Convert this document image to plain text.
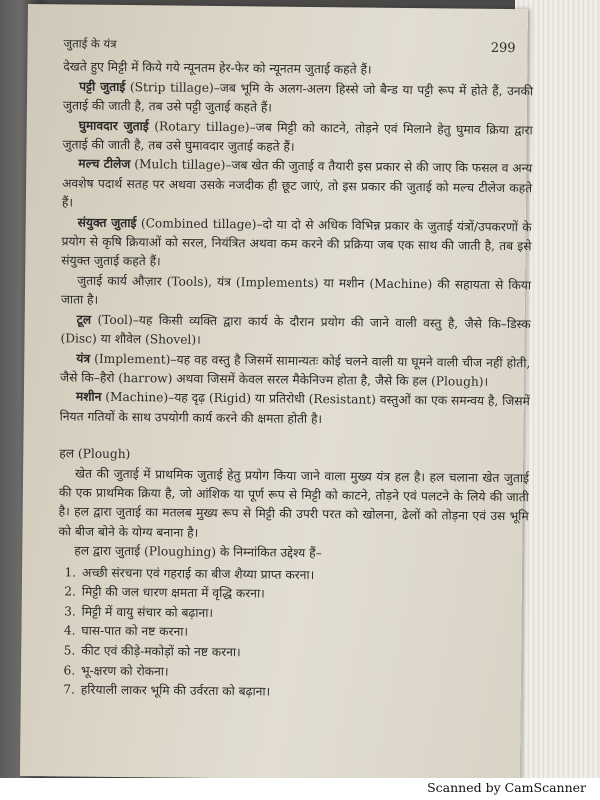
जुताई के यंत्र	299

देखते हुए मिट्टी में किये गये न्यूनतम हेर-फेर को न्यूनतम जुताई कहते हैं।

पट्टी जुताई (Strip tillage)–जब भूमि के अलग-अलग हिस्से जो बैन्ड या पट्टी रूप में होते हैं, उनकी जुताई की जाती है, तब उसे पट्टी जुताई कहते हैं।

घुमावदार जुताई (Rotary tillage)–जब मिट्टी को काटने, तोड़ने एवं मिलाने हेतु घुमाव क्रिया द्वारा जुताई की जाती है, तब उसे घुमावदार जुताई कहते हैं।

मल्च टीलेज (Mulch tillage)–जब खेत की जुताई व तैयारी इस प्रकार से की जाए कि फसल व अन्य अवशेष पदार्थ सतह पर अथवा उसके नजदीक ही छूट जाएं, तो इस प्रकार की जुताई को मल्च टीलेज कहते हैं।

संयुक्त जुताई (Combined tillage)–दो या दो से अधिक विभिन्न प्रकार के जुताई यंत्रों/उपकरणों के प्रयोग से कृषि क्रियाओं को सरल, नियंत्रित अथवा कम करने की प्रक्रिया जब एक साथ की जाती है, तब इसे संयुक्त जुताई कहते हैं।

जुताई कार्य औज़ार (Tools), यंत्र (Implements) या मशीन (Machine) की सहायता से किया जाता है।

टूल (Tool)–यह किसी व्यक्ति द्वारा कार्य के दौरान प्रयोग की जाने वाली वस्तु है, जैसे कि–डिस्क (Disc) या शौवेल (Shovel)।

यंत्र (Implement)–यह वह वस्तु है जिसमें सामान्यतः कोई चलने वाली या घूमने वाली चीज नहीं होती, जैसे कि–हैरो (harrow) अथवा जिसमें केवल सरल मैकेनिज्म होता है, जैसे कि हल (Plough)।

मशीन (Machine)–यह दृढ़ (Rigid) या प्रतिरोधी (Resistant) वस्तुओं का एक समन्वय है, जिसमें नियत गतियों के साथ उपयोगी कार्य करने की क्षमता होती है।

हल (Plough)

खेत की जुताई में प्राथमिक जुताई हेतु प्रयोग किया जाने वाला मुख्य यंत्र हल है। हल चलाना खेत जुताई की एक प्राथमिक क्रिया है, जो आंशिक या पूर्ण रूप से मिट्टी को काटने, तोड़ने एवं पलटने के लिये की जाती है। हल द्वारा जुताई का मतलब मुख्य रूप से मिट्टी की उपरी परत को खोलना, ढेलों को तोड़ना एवं उस भूमि को बीज बोने के योग्य बनाना है।

हल द्वारा जुताई (Ploughing) के निम्नांकित उद्देश्य हैं–

1. अच्छी संरचना एवं गहराई का बीज शैय्या प्राप्त करना।
2. मिट्टी की जल धारण क्षमता में वृद्धि करना।
3. मिट्टी में वायु संचार को बढ़ाना।
4. घास-पात को नष्ट करना।
5. कीट एवं कीड़े-मकोड़ों को नष्ट करना।
6. भू-क्षरण को रोकना।
7. हरियाली लाकर भूमि की उर्वरता को बढ़ाना।
Scanned by CamScanner
